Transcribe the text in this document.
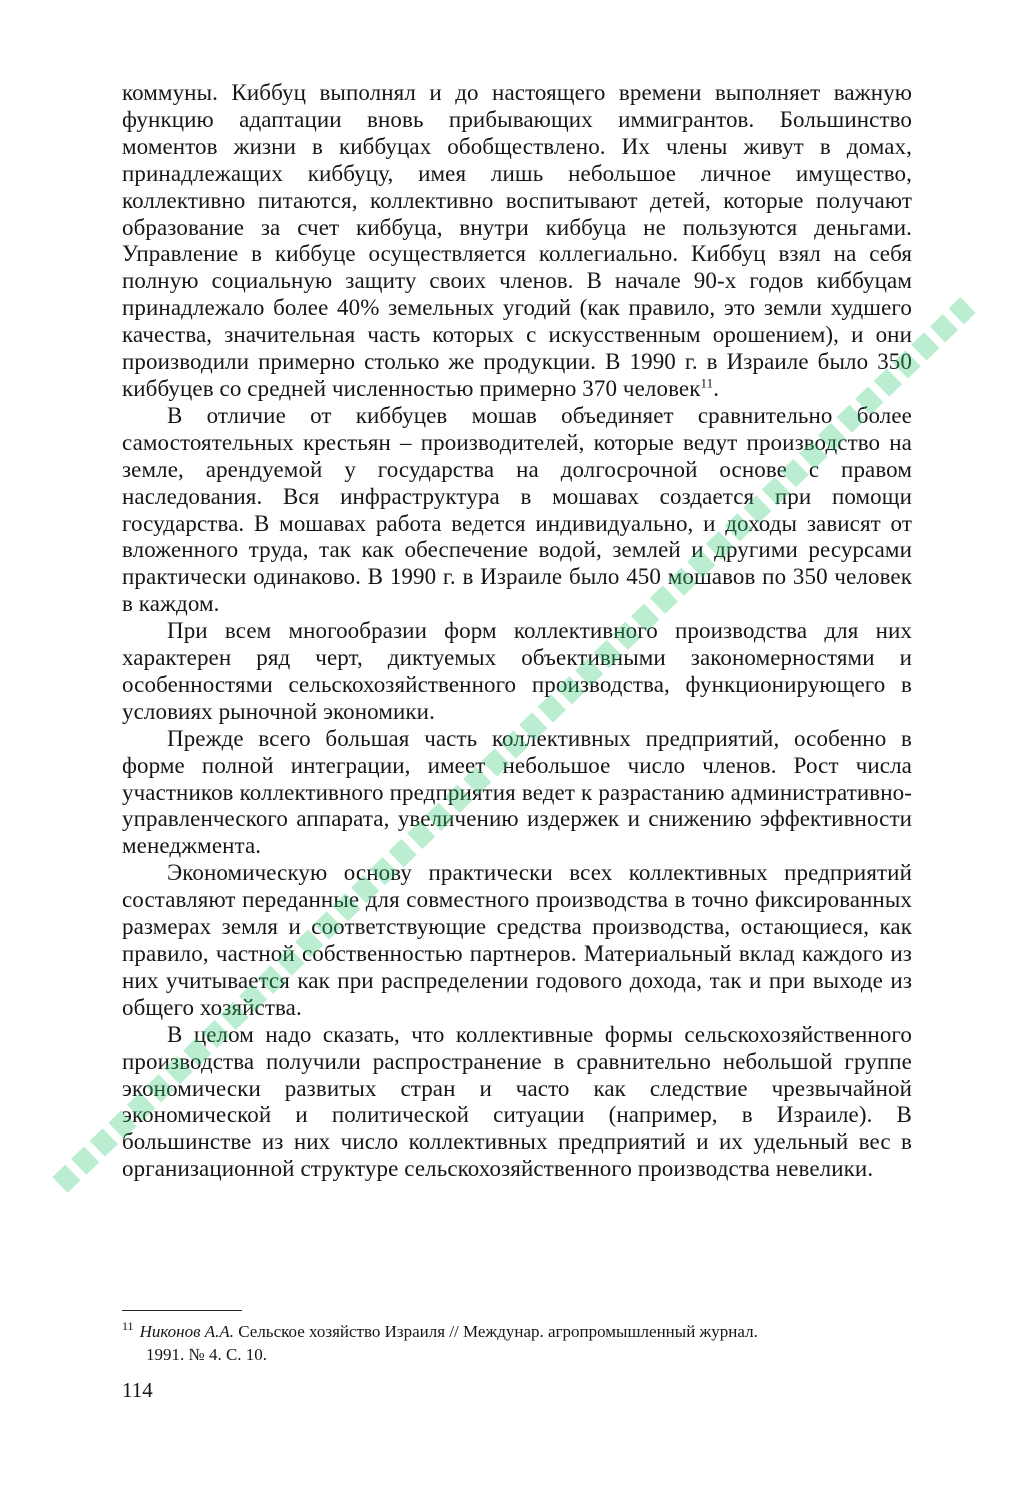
коммуны. Киббуц выполнял и до настоящего времени выполняет важную функцию адаптации вновь прибывающих иммигрантов. Большинство моментов жизни в киббуцах обобществлено. Их члены живут в домах, принадлежащих киббуцу, имея лишь небольшое личное имущество, коллективно питаются, коллективно воспитывают детей, которые получают образование за счет киббуца, внутри киббуца не пользуются деньгами. Управление в киббуце осуществляется коллегиально. Киббуц взял на себя полную социальную защиту своих членов. В начале 90-х годов киббуцам принадлежало более 40% земельных угодий (как правило, это земли худшего качества, значительная часть которых с искусственным орошением), и они производили примерно столько же продукции. В 1990 г. в Израиле было 350 киббуцев со средней численностью примерно 370 человек$^{11}$.

В отличие от киббуцев мошав объединяет сравнительно более самостоятельных крестьян – производителей, которые ведут производство на земле, арендуемой у государства на долгосрочной основе с правом наследования. Вся инфраструктура в мошавах создается при помощи государства. В мошавах работа ведется индивидуально, и доходы зависят от вложенного труда, так как обеспечение водой, землей и другими ресурсами практически одинаково. В 1990 г. в Израиле было 450 мошавов по 350 человек в каждом.

При всем многообразии форм коллективного производства для них характерен ряд черт, диктуемых объективными закономерностями и особенностями сельскохозяйственного производства, функционирующего в условиях рыночной экономики.

Прежде всего большая часть коллективных предприятий, особенно в форме полной интеграции, имеет небольшое число членов. Рост числа участников коллективного предприятия ведет к разрастанию административно-управленческого аппарата, увеличению издержек и снижению эффективности менеджмента.

Экономическую основу практически всех коллективных предприятий составляют переданные для совместного производства в точно фиксированных размерах земля и соответствующие средства производства, остающиеся, как правило, частной собственностью партнеров. Материальный вклад каждого из них учитывается как при распределении годового дохода, так и при выходе из общего хозяйства.

В целом надо сказать, что коллективные формы сельскохозяйственного производства получили распространение в сравнительно небольшой группе экономически развитых стран и часто как следствие чрезвычайной экономической и политической ситуации (например, в Израиле). В большинстве из них число коллективных предприятий и их удельный вес в организационной структуре сельскохозяйственного производства невелики.

$^{11}$ Никонов А.А. Сельское хозяйство Израиля // Междунар. агропромышленный журнал.
1991. № 4. С. 10.

114
